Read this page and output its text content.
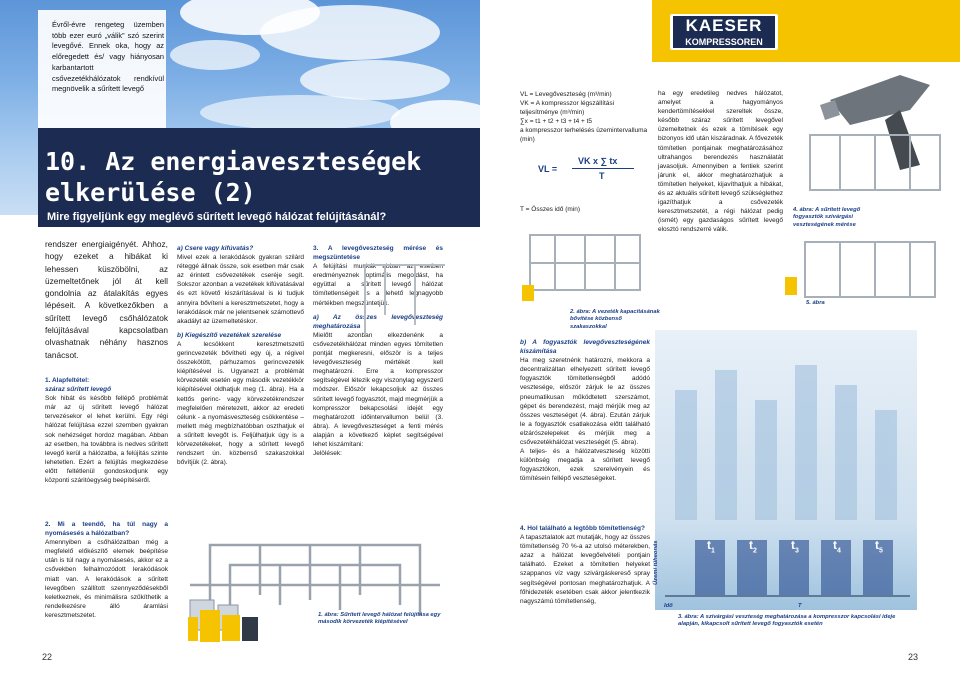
Évről-évre rengeteg üzemben több ezer euró „válik” szó szerint levegővé. Ennek oka, hogy az előregedett és/ vagy hiányosan karbantartott csővezetékhálózatok rendkívül megnövelik a sűrített levegő
10. Az energiaveszteségek
elkerülése (2)
Mire figyeljünk egy meglévő sűrített levegő hálózat felújításánál?
rendszer energiaigényét. Ahhoz, hogy ezeket a hibákat ki lehessen küszöbölni, az üzemeltetőnek jól át kell gondolnia az átalakítás egyes lépéseit. A következőkben a sűrített levegő csőhálózatok felújításával kapcsolatban olvashatnak néhány hasznos tanácsot.
1. Alapfeltétel:
száraz sűrített levegő
Sok hibát és később fellépő problémát már az új sűrített levegő hálózat tervezésekor el lehet kerülni. Egy régi hálózat felújítása ezzel szemben gyakran sok nehézséget hordoz magában. Abban az esetben, ha továbbra is nedves sűrített levegő kerül a hálózatba, a felújítás szinte lehetetlen. Ezért a felújítás megkezdése előtt feltétlenül gondoskodjunk egy központi száritóegység beépítéséről.
2. Mi a teendő, ha túl nagy a nyomásesés a hálózatban?
Amennyiben a csőhálózatban még a megfelelő előkészítő elemek beépítése után is túl nagy a nyomásesés, akkor ez a csővekben felhalmozódott lerakódások miatt van. A lerakódások a sűrített levegőben szállított szennyeződésekből keletkeznek, és minimálisra szűkíthetik a rendelkezésre álló áramlási keresztmetszetet.
a) Csere vagy kifúvatás?
Mivel ezek a lerakódások gyakran szilárd réteggé állnak össze, sok esetben már csak az érintett csővezetékek cseréje segít. Sokszor azonban a vezetékek kifúvatásával és ezt követő kiszárításával is ki tudjuk annyira bővíteni a keresztmetszetet, hogy a lerakódások már ne jelentsenek számottevő akadályt az üzemeltetéskor.
b) Kiegészítő vezetékek szerelése
A lecsökkent keresztmetszetű gerincvezeték bővítheti egy új, a régivel összekötött, párhuzamos gerincvezeték kiépítésével is. Ugyanezt a problémát körvezeték esetén egy második vezetékkör kiépítésével oldhatjuk meg (1. ábra). Ha a kettős gerinc- vagy körvezetékrendszer megfelelően méretezett, akkor az eredeti célunk - a nyomásveszteség csökkentése – mellett még megbízhatóbban oszthatjuk el a sűrített levegőt is. Feljülhatjuk úgy is a körvezetékeket, hogy a sűrített levegő rendszert ún. közbenső szakaszokkal bővítjük (2. ábra).
3. A levegőveszteség mérése és megszüntetése
A felújítási munkák abban az esetben eredményeznek optimális megoldást, ha együttal a sűrített levegő hálózat tömítetlenségeit is a lehető legnagyobb mértékben megszüntetjük.
a) Az összes levegőveszteség meghatározása
Mielőtt azonban elkezdenénk a csővezetékhálózat minden egyes tömítetlen pontját megkeresni, először is a teljes levegőveszteség mértékét kell meghatározni. Erre a kompresszor segítségével létezik egy viszonylag egyszerű módszer. Először lekapcsoljuk az összes sűrített levegő fogyasztót, majd megmérjük a kompresszor bekapcsolási idejét egy meghatározott időintervallumon belül (3. ábra). A levegőveszteséget a fenti mérés alapján a következő képlet segítségével lehet kiszámítani:
Jelölések:
1. ábra: Sűrített levegő hálózat felújítása egy második körvezeték kiépítésével
22
KAESER
KOMPRESSOREN
VL = Levegőveszteség (m³/min)
VK = A kompresszor légszállítási teljesítménye (m³/min)
∑x = t1 + t2 + t3 + t4 + t5
a kompresszor terhelésés üzemintervalluma (min)
VL =
VK x ∑ tx
T
T = Összes idő (min)
2. ábra: A vezeték kapacitásának bővítése közbenső szakaszokkal
b) A fogyasztók levegőveszteségének kiszámítása
Ha meg szeretnénk határozni, mekkora a decentralizáltan elhelyezett sűrített levegő fogyasztók tömítetlenségből adódó vesztesége, először zárjuk le az összes pneumatikusan működtetett szerszámot, gépet és berendezést, majd mérjük meg az összes veszteséget (4. ábra). Ezután zárjuk le a fogyasztók csatlakozása előtt található elzárószelepeket és mérjük meg a csővezetékhálózat veszteségét (5. ábra).
A teljes- és a hálózatveszteség közötti különbség megadja a sűrített levegő fogyasztókon, ezek szerelvényein és tömítésein fellépő veszteségeket.
4. Hol található a legtöbb tömítetlenség?
A tapasztalatok azt mutatják, hogy az összes tömítetlenség 70 %-a az utolsó méterekben, azaz a hálózat levegőelvételi pontjain található. Ezeket a tömítetlen helyeket szappanos víz vagy szivárgáskereső spray segítségével pontosan meghatározhatjuk. A főhidezeték esetében csak akkor jelentkezik nagyszámú tömítetlenség,
ha egy eredetileg nedves hálózatot, amelyet a hagyományos kendertömítésekkel szereltek össze, később száraz sűrített levegővel üzemeltetnek és ezek a tömítések egy bizonyos idő után kiszáradnak. A fővezeték tömítetlen pontjainak meghatározásához ultrahangos berendezés használatát javasoljuk. Amennyiben a fentiek szerint járunk el, akkor meghatározhatjuk a tömítetlen helyeket, kijavíthatjuk a hibákat, és az aktuális sűrített levegő szükséglethez igazíthatjuk a csővezeték keresztmetszetét, a régi hálózat pedig (ismét) egy gazdaságos sűrített levegő elosztó rendszerré válik.
4. ábra: A sűrített levegő fogyasztók szivárgási veszteségének mérése
5. ábra
$t_1$	$t_2$	$t_3$	$t_4$	$t_5$
Üzemi tüheonás
Idő	T
3. ábra: A szivárgási veszteség meghatározása a kompresszor kapcsolási ideje alapján, kikapcsolt sűrített levegő fogyasztók esetén
23
